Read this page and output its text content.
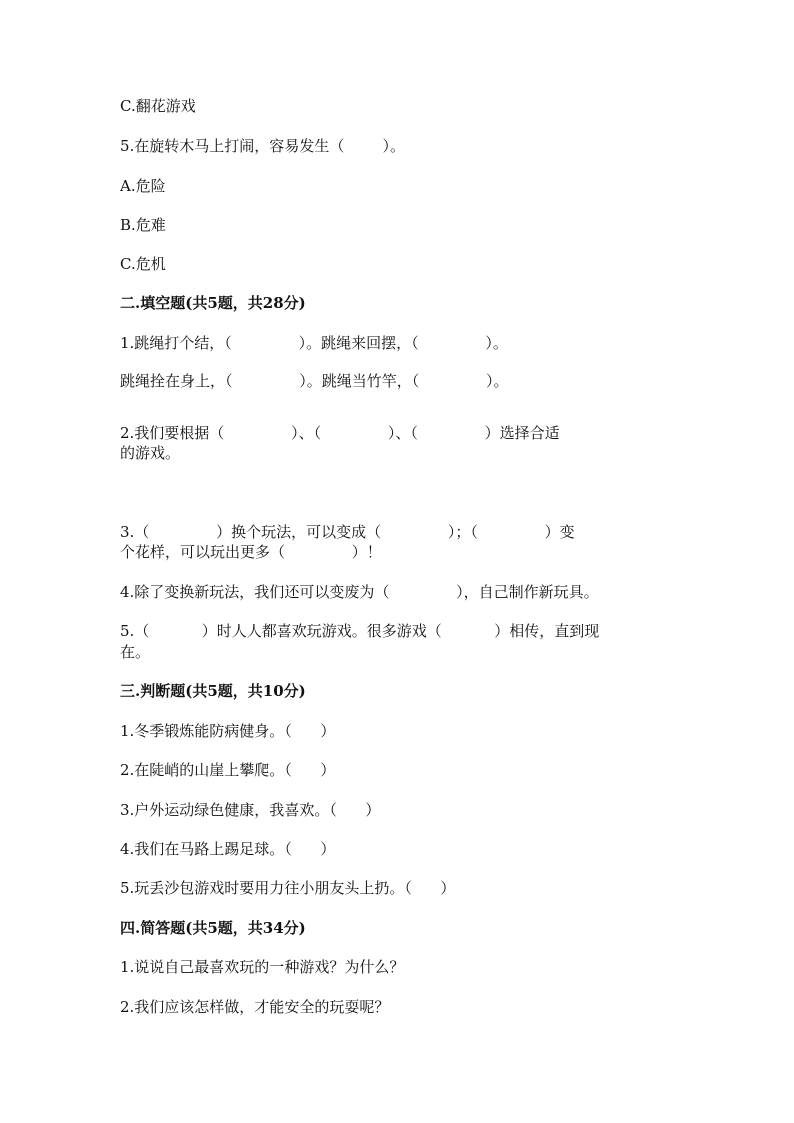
C.翻花游戏

5.在旋转木马上打闹，容易发生（        ）。

A.危险

B.危难

C.危机

二.填空题(共5题，共28分)

1.跳绳打个结，（              ）。跳绳来回摆，（              ）。

跳绳拴在身上，（              ）。跳绳当竹竿，（              ）。

2.我们要根据（              ）、（              ）、（              ）选择合适

的游戏。

3.（              ）换个玩法，可以变成（              ）；（              ）变

个花样，可以玩出更多（              ）！

4.除了变换新玩法，我们还可以变废为（              ），自己制作新玩具。

5.（           ）时人人都喜欢玩游戏。很多游戏（           ）相传，直到现

在。

三.判断题(共5题，共10分)

1.冬季锻炼能防病健身。（      ）

2.在陡峭的山崖上攀爬。（      ）

3.户外运动绿色健康，我喜欢。（      ）

4.我们在马路上踢足球。（      ）

5.玩丢沙包游戏时要用力往小朋友头上扔。（      ）

四.简答题(共5题，共34分)

1.说说自己最喜欢玩的一种游戏？为什么？

2.我们应该怎样做，才能安全的玩耍呢？
